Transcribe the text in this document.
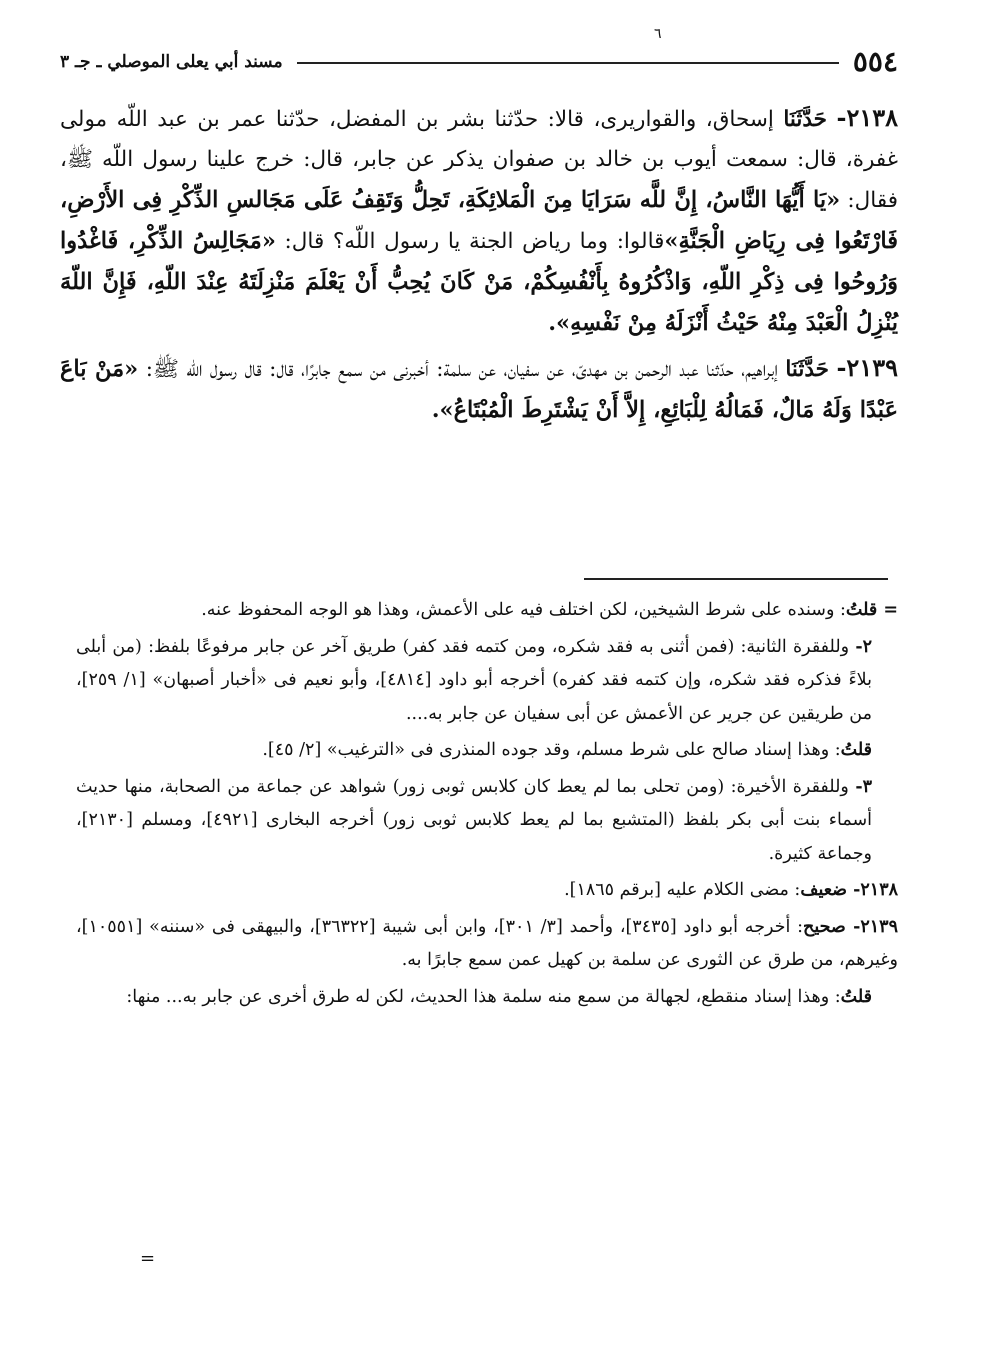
٦
٥٥٤
مسند أبي يعلى الموصلي ـ جـ ٣

٢١٣٨- حَدَّثَنَا إسحاق، والقواريرى، قالا: حدّثنا بشر بن المفضل، حدّثنا عمر بن عبد اللّه مولى غفرة، قال: سمعت أيوب بن خالد بن صفوان يذكر عن جابر، قال: خرج علينا رسول اللّه ﷺ، فقال: «يَا أَيُّهَا النَّاسُ، إِنَّ للَّه سَرَايَا مِنَ الْمَلائِكَةِ، تَحِلُّ وَتَقِفُ عَلَى مَجَالسِ الذِّكْرِ فِى الأَرْضِ، فَارْتَعُوا فِى رِيَاضِ الْجَنَّةِ»قالوا: وما رياض الجنة يا رسول اللّه؟ قال: «مَجَالِسُ الذِّكْرِ، فَاغْدُوا وَرُوحُوا فِى ذِكْرِ اللّهِ، وَاذْكُرُوهُ بِأَنْفُسِكُمْ، مَنْ كَانَ يُحِبُّ أَنْ يَعْلَمَ مَنْزِلَتَهُ عِنْدَ اللّهِ، فَإِنَّ اللّهَ يُنْزِلُ الْعَبْدَ مِنْهُ حَيْثُ أَنْزَلَهُ مِنْ نَفْسِهِ».

٢١٣٩- حَدَّثَنَا إبراهيم، حدّثنا عبد الرحمن بن مهدىّ، عن سفيان، عن سلمة: أخبرنى من سمع جابرًا، قال: قال رسول اللّه ﷺ: «مَنْ بَاعَ عَبْدًا وَلَهُ مَالٌ، فَمَالُهُ لِلْبَائِعِ، إِلاَّ أَنْ يَشْتَرِطَ الْمُبْتَاعُ».

= قلتُ: وسنده على شرط الشيخين، لكن اختلف فيه على الأعمش، وهذا هو الوجه المحفوظ عنه.

٢- وللفقرة الثانية: (فمن أثنى به فقد شكره، ومن كتمه فقد كفر) طريق آخر عن جابر مرفوعًا بلفظ: (من أبلى بلاءً فذكره فقد شكره، وإن كتمه فقد كفره) أخرجه أبو داود [٤٨١٤]، وأبو نعيم فى «أخبار أصبهان» [١/ ٢٥٩]، من طريقين عن جرير عن الأعمش عن أبى سفيان عن جابر به....

قلتُ: وهذا إسناد صالح على شرط مسلم، وقد جوده المنذرى فى «الترغيب» [٢/ ٤٥].

٣- وللفقرة الأخيرة: (ومن تحلى بما لم يعط كان كلابس ثوبى زور) شواهد عن جماعة من الصحابة، منها حديث أسماء بنت أبى بكر بلفظ (المتشبع بما لم يعط كلابس ثوبى زور) أخرجه البخارى [٤٩٢١]، ومسلم [٢١٣٠]، وجماعة كثيرة.

٢١٣٨- ضعيف: مضى الكلام عليه [برقم ١٨٦٥].

٢١٣٩- صحيح: أخرجه أبو داود [٣٤٣٥]، وأحمد [٣/ ٣٠١]، وابن أبى شيبة [٣٦٣٢٢]، والبيهقى فى «سننه» [١٠٥٥١]، وغيرهم، من طرق عن الثورى عن سلمة بن كهيل عمن سمع جابرًا به.

قلتُ: وهذا إسناد منقطع، لجهالة من سمع منه سلمة هذا الحديث، لكن له طرق أخرى عن جابر به... منها:

=
